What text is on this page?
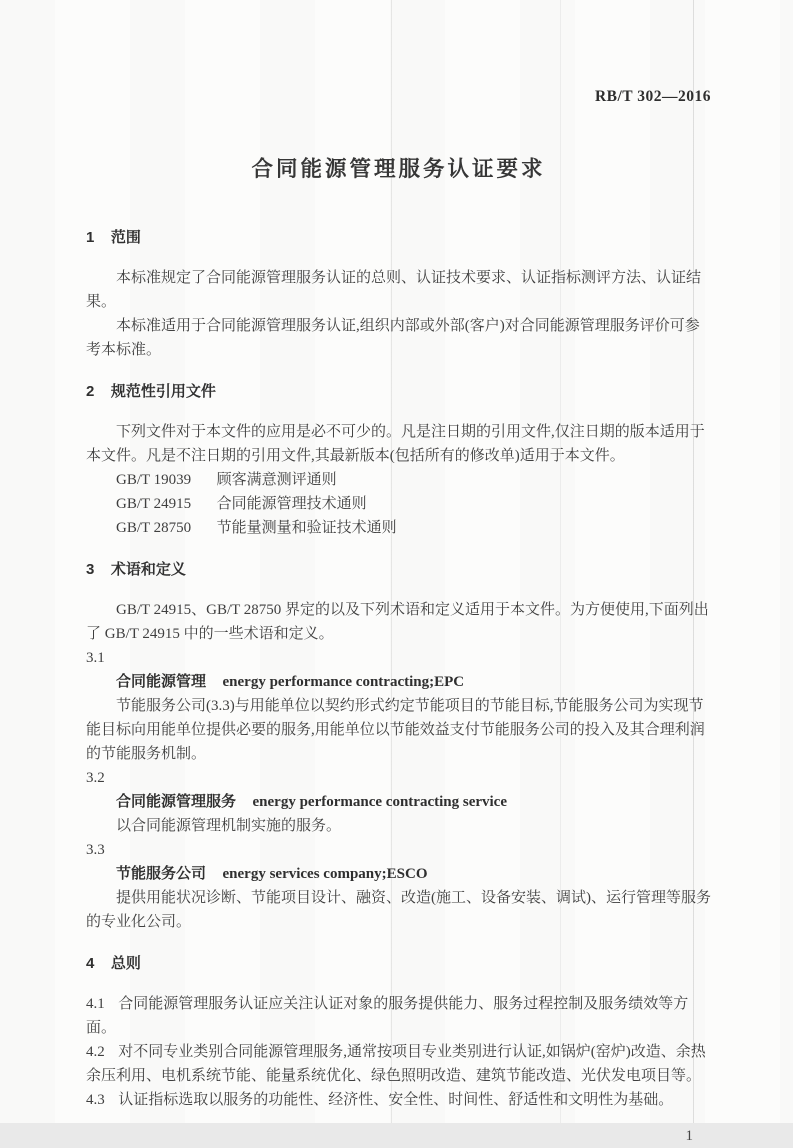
RB/T 302—2016
合同能源管理服务认证要求
1 范围

本标准规定了合同能源管理服务认证的总则、认证技术要求、认证指标测评方法、认证结果。

本标准适用于合同能源管理服务认证,组织内部或外部(客户)对合同能源管理服务评价可参考本标准。

2 规范性引用文件

下列文件对于本文件的应用是必不可少的。凡是注日期的引用文件,仅注日期的版本适用于本文件。凡是不注日期的引用文件,其最新版本(包括所有的修改单)适用于本文件。

GB/T 19039 顾客满意测评通则

GB/T 24915 合同能源管理技术通则

GB/T 28750 节能量测量和验证技术通则

3 术语和定义

GB/T 24915、GB/T 28750 界定的以及下列术语和定义适用于本文件。为方便使用,下面列出了 GB/T 24915 中的一些术语和定义。

3.1

合同能源管理 energy performance contracting;EPC

节能服务公司(3.3)与用能单位以契约形式约定节能项目的节能目标,节能服务公司为实现节能目标向用能单位提供必要的服务,用能单位以节能效益支付节能服务公司的投入及其合理利润的节能服务机制。

3.2

合同能源管理服务 energy performance contracting service

以合同能源管理机制实施的服务。

3.3

节能服务公司 energy services company;ESCO

提供用能状况诊断、节能项目设计、融资、改造(施工、设备安装、调试)、运行管理等服务的专业化公司。

4 总则

4.1 合同能源管理服务认证应关注认证对象的服务提供能力、服务过程控制及服务绩效等方面。

4.2 对不同专业类别合同能源管理服务,通常按项目专业类别进行认证,如锅炉(窑炉)改造、余热余压利用、电机系统节能、能量系统优化、绿色照明改造、建筑节能改造、光伏发电项目等。

4.3 认证指标选取以服务的功能性、经济性、安全性、时间性、舒适性和文明性为基础。

1
